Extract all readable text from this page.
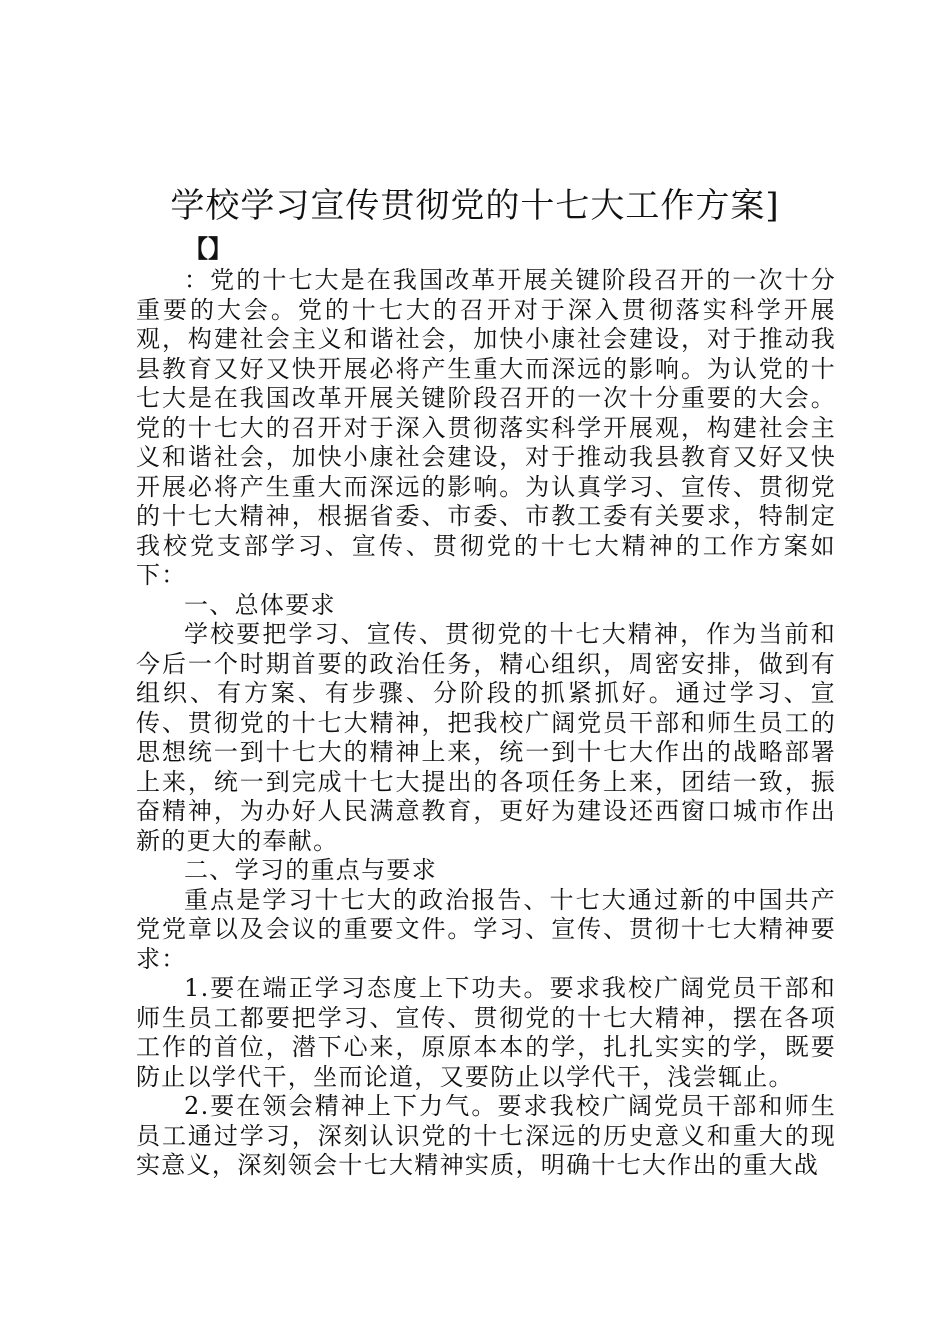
学校学习宣传贯彻党的十七大工作方案]
【】

：党的十七大是在我国改革开展关键阶段召开的一次十分重要的大会。党的十七大的召开对于深入贯彻落实科学开展观，构建社会主义和谐社会，加快小康社会建设，对于推动我县教育又好又快开展必将产生重大而深远的影响。为认党的十七大是在我国改革开展关键阶段召开的一次十分重要的大会。党的十七大的召开对于深入贯彻落实科学开展观，构建社会主义和谐社会，加快小康社会建设，对于推动我县教育又好又快开展必将产生重大而深远的影响。为认真学习、宣传、贯彻党的十七大精神，根据省委、市委、市教工委有关要求，特制定我校党支部学习、宣传、贯彻党的十七大精神的工作方案如下：

一、总体要求

学校要把学习、宣传、贯彻党的十七大精神，作为当前和今后一个时期首要的政治任务，精心组织，周密安排，做到有组织、有方案、有步骤、分阶段的抓紧抓好。通过学习、宣传、贯彻党的十七大精神，把我校广阔党员干部和师生员工的思想统一到十七大的精神上来，统一到十七大作出的战略部署上来，统一到完成十七大提出的各项任务上来，团结一致，振奋精神，为办好人民满意教育，更好为建设还西窗口城市作出新的更大的奉献。

二、学习的重点与要求

重点是学习十七大的政治报告、十七大通过新的中国共产党党章以及会议的重要文件。学习、宣传、贯彻十七大精神要求：

1.要在端正学习态度上下功夫。要求我校广阔党员干部和师生员工都要把学习、宣传、贯彻党的十七大精神，摆在各项工作的首位，潜下心来，原原本本的学，扎扎实实的学，既要防止以学代干，坐而论道，又要防止以学代干，浅尝辄止。

2.要在领会精神上下力气。要求我校广阔党员干部和师生员工通过学习，深刻认识党的十七深远的历史意义和重大的现实意义，深刻领会十七大精神实质，明确十七大作出的重大战
